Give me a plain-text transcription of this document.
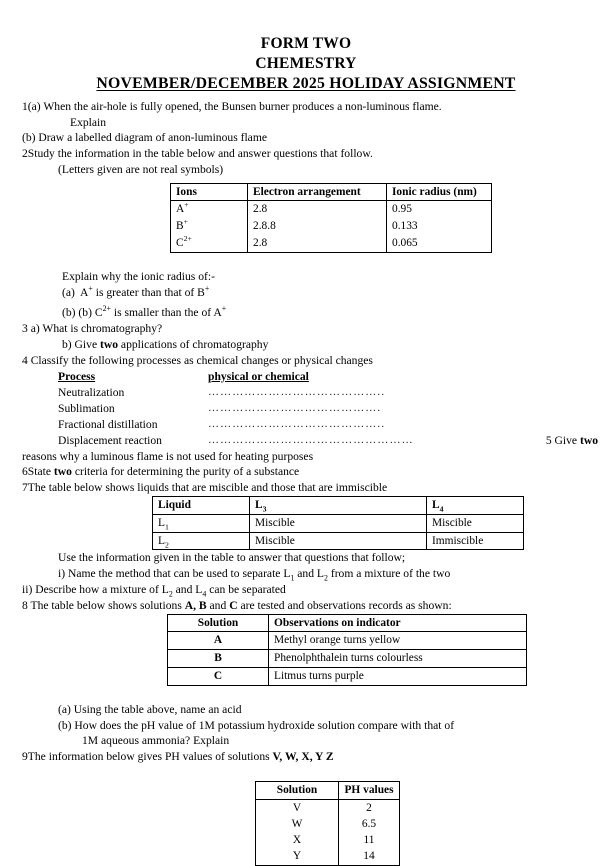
FORM TWO
CHEMESTRY
NOVEMBER/DECEMBER 2025 HOLIDAY ASSIGNMENT
1(a) When the air-hole is fully opened, the Bunsen burner produces a non-luminous flame.
Explain
(b) Draw a labelled diagram of anon-luminous flame
2Study the information in the table below and answer questions that follow.
(Letters given are not real symbols)
Ions	Electron arrangement	Ionic radius (nm)
A+	2.8	0.95
B+	2.8.8	0.133
$C^{2+}$	2.8	0.065
Explain why the ionic radius of:-
(a)  A+ is greater than that of B+
(b) (b) $C^{2+}$ is smaller than the of A+
3 a) What is chromatography?
b) Give two applications of chromatography
4 Classify the following processes as chemical changes or physical changes
Process	physical or chemical
Neutralization	……………………………………..
Sublimation	…………………………………….
Fractional distillation	……………………………………..
Displacement reaction	……………………………………………	5 Give two
reasons why a luminous flame is not used for heating purposes
6State two criteria for determining the purity of a substance
7The table below shows liquids that are miscible and those that are immiscible
Liquid	$L_3$	$L_4$
$L_1$	Miscible	Miscible
$L_2$	Miscible	Immiscible
Use the information given in the table to answer that questions that follow;
i) Name the method that can be used to separate $L_1$ and $L_2$ from a mixture of the two
ii) Describe how a mixture of $L_2$ and $L_4$ can be separated
8 The table below shows solutions A, B and C are tested and observations records as shown:
Solution	Observations on indicator
A	Methyl orange turns yellow
B	Phenolphthalein turns colourless
C	Litmus turns purple
(a) Using the table above, name an acid
(b) How does the pH value of 1M potassium hydroxide solution compare with that of
1M aqueous ammonia? Explain
9The information below gives PH values of solutions V, W, X, Y Z
Solution	PH values
V	2
W	6.5
X	11
Y	14
